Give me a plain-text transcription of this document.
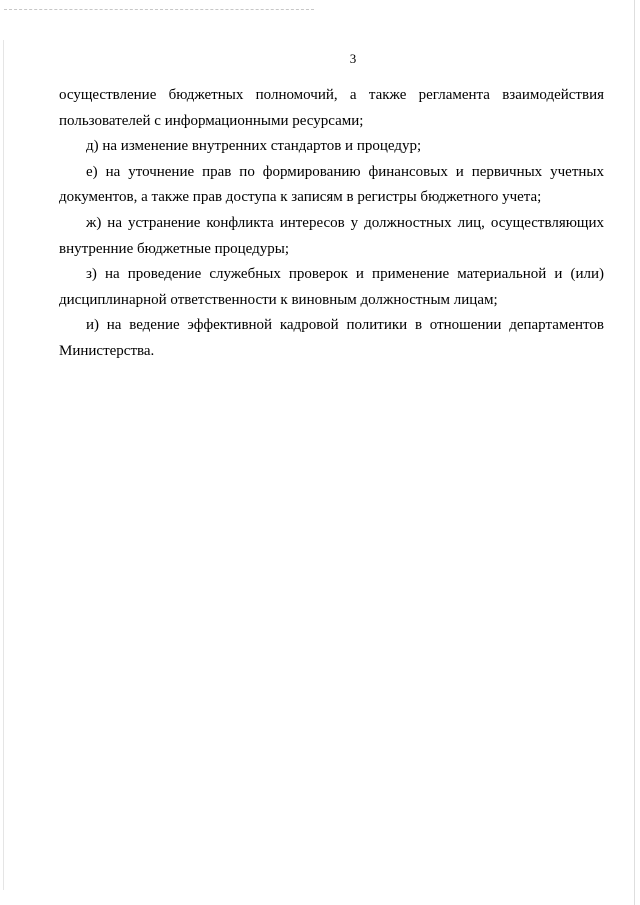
3

осуществление бюджетных полномочий, а также регламента взаимодействия пользователей с информационными ресурсами;

д) на изменение внутренних стандартов и процедур;

е) на уточнение прав по формированию финансовых и первичных учетных документов, а также прав доступа к записям в регистры бюджетного учета;

ж) на устранение конфликта интересов у должностных лиц, осуществляющих внутренние бюджетные процедуры;

з) на проведение служебных проверок и применение материальной и (или) дисциплинарной ответственности к виновным должностным лицам;

и) на ведение эффективной кадровой политики в отношении департаментов Министерства.
